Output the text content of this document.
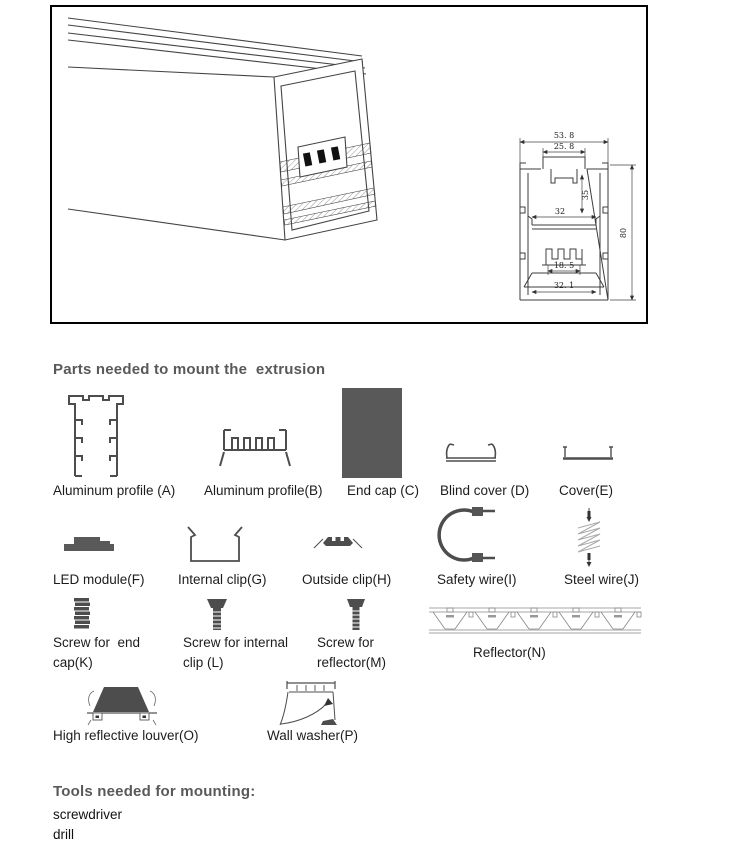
53. 8
25. 8
32
35
18. 5
32. 1
80
Parts needed to mount the  extrusion
Aluminum profile (A) Aluminum profile(B) End cap (C) Blind cover (D) Cover(E)
LED module(F) Internal clip(G)	Outside clip(H)	Safety wire(I)	Steel wire(J)
Screw for  end
cap(K)
Screw for internal
clip (L)
Screw for
reflector(M)
Reflector(N)
High reflective louver(O)	Wall washer(P)
Tools needed for mounting:
screwdriver
drill
